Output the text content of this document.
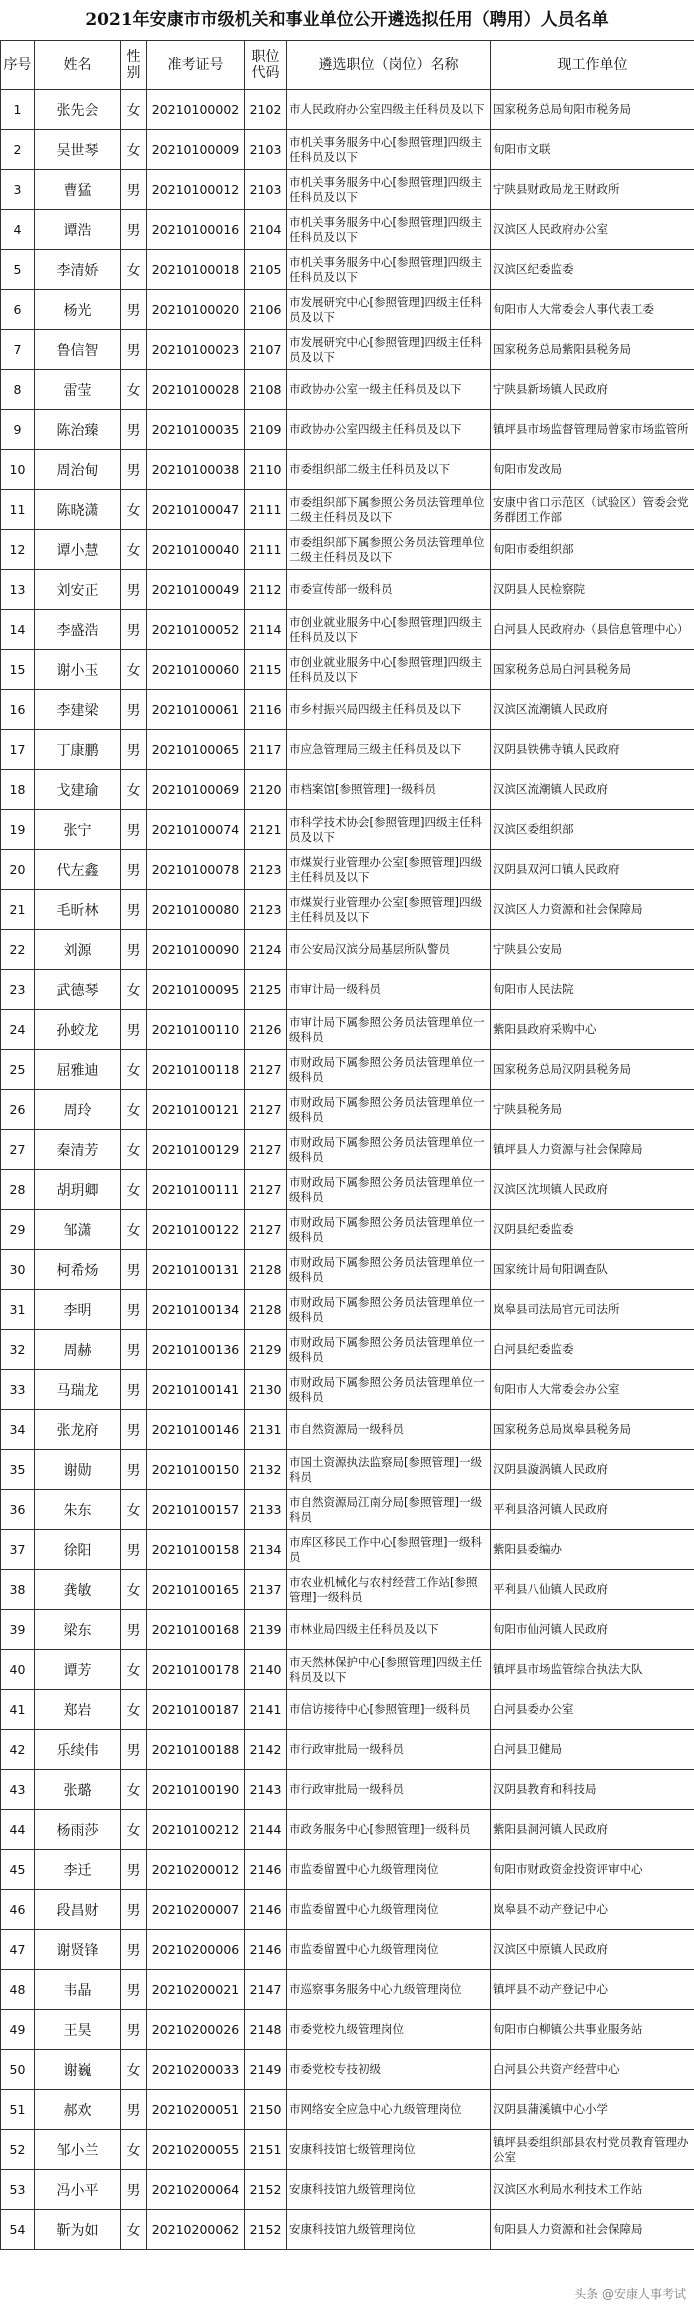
2021年安康市市级机关和事业单位公开遴选拟任用（聘用）人员名单
序号	姓名	性别	准考证号	职位代码	遴选职位（岗位）名称	现工作单位
1	张先会	女	20210100002	2102	市人民政府办公室四级主任科员及以下	国家税务总局旬阳市税务局
2	吴世琴	女	20210100009	2103	市机关事务服务中心[参照管理]四级主任科员及以下	旬阳市文联
3	曹猛	男	20210100012	2103	市机关事务服务中心[参照管理]四级主任科员及以下	宁陕县财政局龙王财政所
4	谭浩	男	20210100016	2104	市机关事务服务中心[参照管理]四级主任科员及以下	汉滨区人民政府办公室
5	李清娇	女	20210100018	2105	市机关事务服务中心[参照管理]四级主任科员及以下	汉滨区纪委监委
6	杨光	男	20210100020	2106	市发展研究中心[参照管理]四级主任科员及以下	旬阳市人大常委会人事代表工委
7	鲁信智	男	20210100023	2107	市发展研究中心[参照管理]四级主任科员及以下	国家税务总局紫阳县税务局
8	雷莹	女	20210100028	2108	市政协办公室一级主任科员及以下	宁陕县新场镇人民政府
9	陈治臻	男	20210100035	2109	市政协办公室四级主任科员及以下	镇坪县市场监督管理局曾家市场监管所
10	周治甸	男	20210100038	2110	市委组织部二级主任科员及以下	旬阳市发改局
11	陈晓潇	女	20210100047	2111	市委组织部下属参照公务员法管理单位二级主任科员及以下	安康中省口示范区（试验区）管委会党务群团工作部
12	谭小慧	女	20210100040	2111	市委组织部下属参照公务员法管理单位二级主任科员及以下	旬阳市委组织部
13	刘安正	男	20210100049	2112	市委宣传部一级科员	汉阴县人民检察院
14	李盛浩	男	20210100052	2114	市创业就业服务中心[参照管理]四级主任科员及以下	白河县人民政府办（县信息管理中心）
15	谢小玉	女	20210100060	2115	市创业就业服务中心[参照管理]四级主任科员及以下	国家税务总局白河县税务局
16	李建梁	男	20210100061	2116	市乡村振兴局四级主任科员及以下	汉滨区流潮镇人民政府
17	丁康鹏	男	20210100065	2117	市应急管理局三级主任科员及以下	汉阴县铁佛寺镇人民政府
18	戈建瑜	女	20210100069	2120	市档案馆[参照管理]一级科员	汉滨区流潮镇人民政府
19	张宁	男	20210100074	2121	市科学技术协会[参照管理]四级主任科员及以下	汉滨区委组织部
20	代左鑫	男	20210100078	2123	市煤炭行业管理办公室[参照管理]四级主任科员及以下	汉阴县双河口镇人民政府
21	毛昕林	男	20210100080	2123	市煤炭行业管理办公室[参照管理]四级主任科员及以下	汉滨区人力资源和社会保障局
22	刘源	男	20210100090	2124	市公安局汉滨分局基层所队警员	宁陕县公安局
23	武德琴	女	20210100095	2125	市审计局一级科员	旬阳市人民法院
24	孙蛟龙	男	20210100110	2126	市审计局下属参照公务员法管理单位一级科员	紫阳县政府采购中心
25	屈雅迪	女	20210100118	2127	市财政局下属参照公务员法管理单位一级科员	国家税务总局汉阴县税务局
26	周玲	女	20210100121	2127	市财政局下属参照公务员法管理单位一级科员	宁陕县税务局
27	秦清芳	女	20210100129	2127	市财政局下属参照公务员法管理单位一级科员	镇坪县人力资源与社会保障局
28	胡玥卿	女	20210100111	2127	市财政局下属参照公务员法管理单位一级科员	汉滨区沈坝镇人民政府
29	邹潇	女	20210100122	2127	市财政局下属参照公务员法管理单位一级科员	汉阴县纪委监委
30	柯希炀	男	20210100131	2128	市财政局下属参照公务员法管理单位一级科员	国家统计局旬阳调查队
31	李明	男	20210100134	2128	市财政局下属参照公务员法管理单位一级科员	岚皋县司法局官元司法所
32	周赫	男	20210100136	2129	市财政局下属参照公务员法管理单位一级科员	白河县纪委监委
33	马瑞龙	男	20210100141	2130	市财政局下属参照公务员法管理单位一级科员	旬阳市人大常委会办公室
34	张龙府	男	20210100146	2131	市自然资源局一级科员	国家税务总局岚皋县税务局
35	谢勋	男	20210100150	2132	市国土资源执法监察局[参照管理]一级科员	汉阴县漩涡镇人民政府
36	朱东	女	20210100157	2133	市自然资源局江南分局[参照管理]一级科员	平利县洛河镇人民政府
37	徐阳	男	20210100158	2134	市库区移民工作中心[参照管理]一级科员	紫阳县委编办
38	龚敏	女	20210100165	2137	市农业机械化与农村经营工作站[参照管理]一级科员	平利县八仙镇人民政府
39	梁东	男	20210100168	2139	市林业局四级主任科员及以下	旬阳市仙河镇人民政府
40	谭芳	女	20210100178	2140	市天然林保护中心[参照管理]四级主任科员及以下	镇坪县市场监管综合执法大队
41	郑岩	女	20210100187	2141	市信访接待中心[参照管理]一级科员	白河县委办公室
42	乐续伟	男	20210100188	2142	市行政审批局一级科员	白河县卫健局
43	张璐	女	20210100190	2143	市行政审批局一级科员	汉阴县教育和科技局
44	杨雨莎	女	20210100212	2144	市政务服务中心[参照管理]一级科员	紫阳县洞河镇人民政府
45	李迁	男	20210200012	2146	市监委留置中心九级管理岗位	旬阳市财政资金投资评审中心
46	段昌财	男	20210200007	2146	市监委留置中心九级管理岗位	岚皋县不动产登记中心
47	谢贤锋	男	20210200006	2146	市监委留置中心九级管理岗位	汉滨区中原镇人民政府
48	韦晶	男	20210200021	2147	市巡察事务服务中心九级管理岗位	镇坪县不动产登记中心
49	王昊	男	20210200026	2148	市委党校九级管理岗位	旬阳市白柳镇公共事业服务站
50	谢巍	女	20210200033	2149	市委党校专技初级	白河县公共资产经营中心
51	郝欢	男	20210200051	2150	市网络安全应急中心九级管理岗位	汉阴县蒲溪镇中心小学
52	邹小兰	女	20210200055	2151	安康科技馆七级管理岗位	镇坪县委组织部县农村党员教育管理办公室
53	冯小平	男	20210200064	2152	安康科技馆九级管理岗位	汉滨区水利局水利技术工作站
54	靳为如	女	20210200062	2152	安康科技馆九级管理岗位	旬阳县人力资源和社会保障局
头条 @安康人事考试
